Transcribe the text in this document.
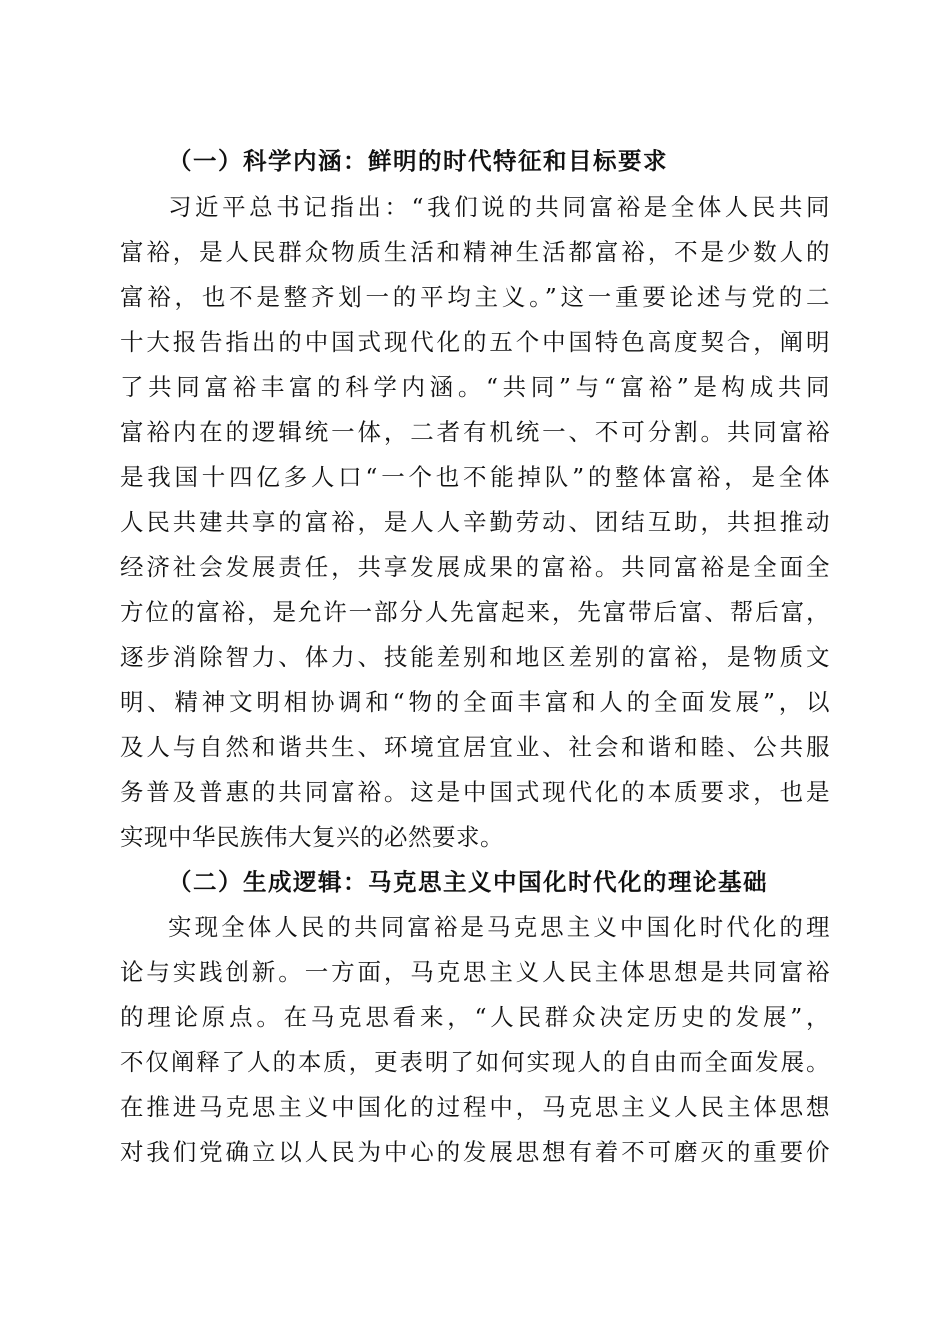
（一）科学内涵：鲜明的时代特征和目标要求
习近平总书记指出：“我们说的共同富裕是全体人民共同
富裕，是人民群众物质生活和精神生活都富裕，不是少数人的
富裕，也不是整齐划一的平均主义。”这一重要论述与党的二
十大报告指出的中国式现代化的五个中国特色高度契合，阐明
了共同富裕丰富的科学内涵。“共同”与“富裕”是构成共同
富裕内在的逻辑统一体，二者有机统一、不可分割。共同富裕
是我国十四亿多人口“一个也不能掉队”的整体富裕，是全体
人民共建共享的富裕，是人人辛勤劳动、团结互助，共担推动
经济社会发展责任，共享发展成果的富裕。共同富裕是全面全
方位的富裕，是允许一部分人先富起来，先富带后富、帮后富，
逐步消除智力、体力、技能差别和地区差别的富裕，是物质文
明、精神文明相协调和“物的全面丰富和人的全面发展”，以
及人与自然和谐共生、环境宜居宜业、社会和谐和睦、公共服
务普及普惠的共同富裕。这是中国式现代化的本质要求，也是
实现中华民族伟大复兴的必然要求。
（二）生成逻辑：马克思主义中国化时代化的理论基础
实现全体人民的共同富裕是马克思主义中国化时代化的理
论与实践创新。一方面，马克思主义人民主体思想是共同富裕
的理论原点。在马克思看来，“人民群众决定历史的发展”，
不仅阐释了人的本质，更表明了如何实现人的自由而全面发展。
在推进马克思主义中国化的过程中，马克思主义人民主体思想
对我们党确立以人民为中心的发展思想有着不可磨灭的重要价
